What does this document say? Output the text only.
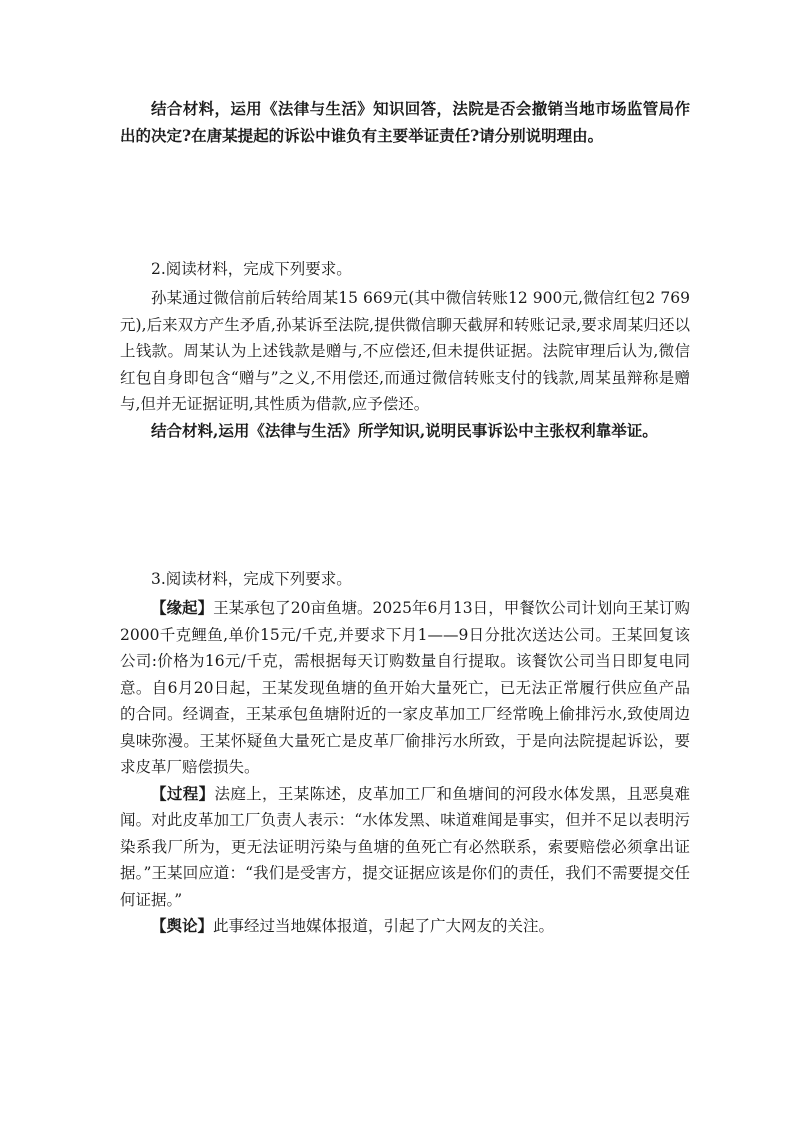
结合材料，运用《法律与生活》知识回答，法院是否会撤销当地市场监管局作出的决定?在唐某提起的诉讼中谁负有主要举证责任?请分别说明理由。

2.阅读材料，完成下列要求。

孙某通过微信前后转给周某15 669元(其中微信转账12 900元,微信红包2 769元),后来双方产生矛盾,孙某诉至法院,提供微信聊天截屏和转账记录,要求周某归还以上钱款。周某认为上述钱款是赠与,不应偿还,但未提供证据。法院审理后认为,微信红包自身即包含“赠与”之义,不用偿还,而通过微信转账支付的钱款,周某虽辩称是赠与,但并无证据证明,其性质为借款,应予偿还。

结合材料,运用《法律与生活》所学知识,说明民事诉讼中主张权利靠举证。

3.阅读材料，完成下列要求。

【缘起】王某承包了20亩鱼塘。2025年6月13日，甲餐饮公司计划向王某订购2000千克鲤鱼,单价15元/千克,并要求下月1——9日分批次送达公司。王某回复该公司:价格为16元/千克，需根据每天订购数量自行提取。该餐饮公司当日即复电同意。自6月20日起，王某发现鱼塘的鱼开始大量死亡，已无法正常履行供应鱼产品的合同。经调查，王某承包鱼塘附近的一家皮革加工厂经常晚上偷排污水,致使周边臭味弥漫。王某怀疑鱼大量死亡是皮革厂偷排污水所致，于是向法院提起诉讼，要求皮革厂赔偿损失。

【过程】法庭上，王某陈述，皮革加工厂和鱼塘间的河段水体发黑，且恶臭难闻。对此皮革加工厂负责人表示：“水体发黑、味道难闻是事实，但并不足以表明污染系我厂所为，更无法证明污染与鱼塘的鱼死亡有必然联系，索要赔偿必须拿出证据。”王某回应道：“我们是受害方，提交证据应该是你们的责任，我们不需要提交任何证据。”

【舆论】此事经过当地媒体报道，引起了广大网友的关注。
